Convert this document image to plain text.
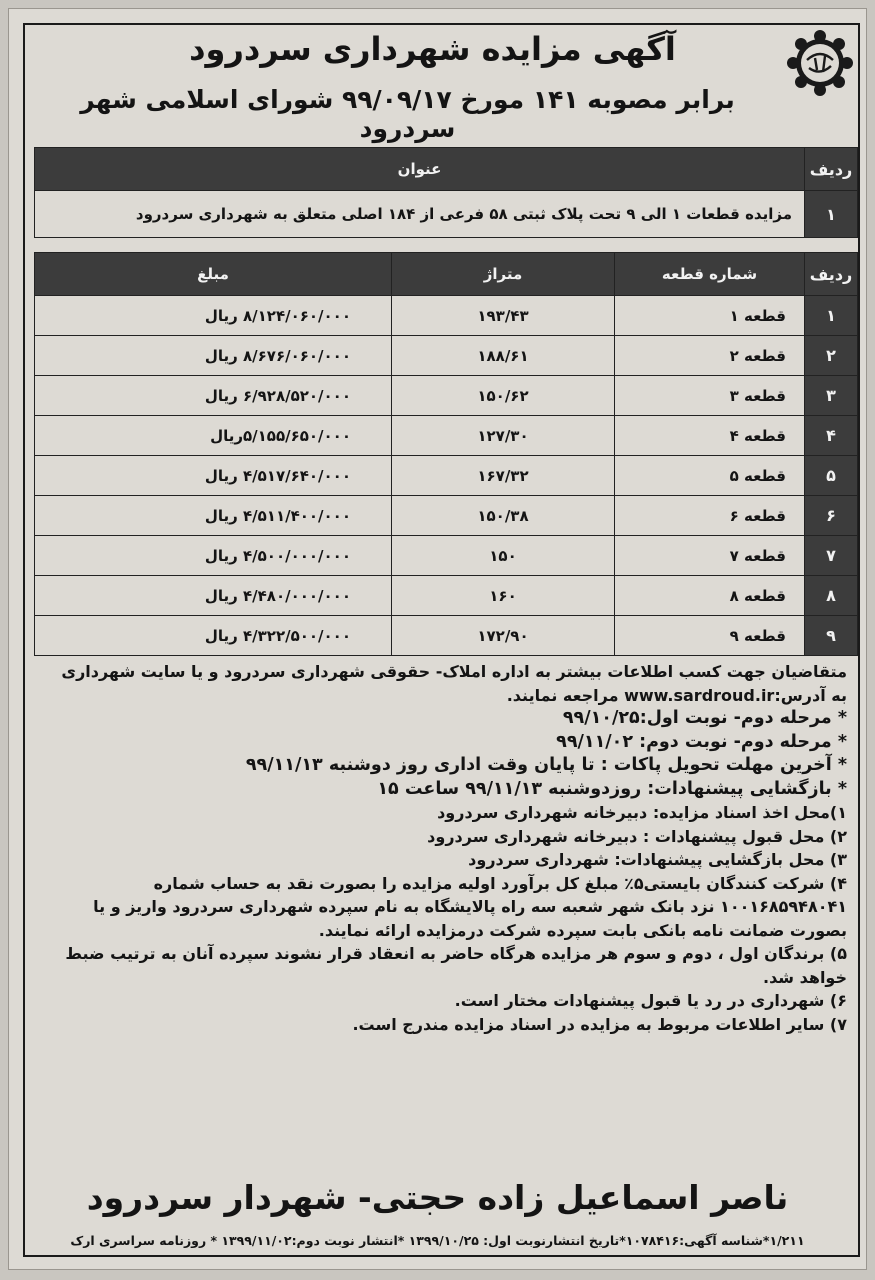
آگهی مزایده شهرداری سردرود
برابر مصوبه ۱۴۱ مورخ ۹۹/۰۹/۱۷ شورای اسلامی شهر سردرود
ردیف	عنوان
۱	مزایده قطعات ۱ الی ۹ تحت پلاک ثبتی ۵۸ فرعی از ۱۸۴ اصلی متعلق به شهرداری سردرود
ردیف	شماره قطعه	متراژ	مبلغ
۱	قطعه ۱	۱۹۳/۴۳	۸/۱۲۴/۰۶۰/۰۰۰ ریال
۲	قطعه ۲	۱۸۸/۶۱	۸/۶۷۶/۰۶۰/۰۰۰ ریال
۳	قطعه ۳	۱۵۰/۶۲	۶/۹۲۸/۵۲۰/۰۰۰ ریال
۴	قطعه ۴	۱۲۷/۳۰	۵/۱۵۵/۶۵۰/۰۰۰ریال
۵	قطعه ۵	۱۶۷/۳۲	۴/۵۱۷/۶۴۰/۰۰۰ ریال
۶	قطعه ۶	۱۵۰/۳۸	۴/۵۱۱/۴۰۰/۰۰۰ ریال
۷	قطعه ۷	۱۵۰	۴/۵۰۰/۰۰۰/۰۰۰ ریال
۸	قطعه ۸	۱۶۰	۴/۴۸۰/۰۰۰/۰۰۰ ریال
۹	قطعه ۹	۱۷۲/۹۰	۴/۳۲۲/۵۰۰/۰۰۰ ریال

متقاضیان جهت کسب اطلاعات بیشتر به اداره املاک- حقوقی شهرداری سردرود و یا سایت شهرداری

به آدرس:www.sardroud.ir مراجعه نمایند.

* مرحله دوم- نوبت اول:۹۹/۱۰/۲۵

* مرحله دوم- نوبت دوم: ۹۹/۱۱/۰۲

* آخرین مهلت تحویل پاکات : تا پایان وقت اداری روز دوشنبه ۹۹/۱۱/۱۳

* بازگشایی پیشنهادات: روزدوشنبه ۹۹/۱۱/۱۳ ساعت ۱۵

۱)محل اخذ اسناد مزایده: دبیرخانه شهرداری سردرود

۲) محل قبول پیشنهادات : دبیرخانه شهرداری سردرود

۳) محل بازگشایی پیشنهادات: شهرداری سردرود

۴) شرکت کنندگان بایستی۵٪ مبلغ کل برآورد اولیه مزایده را بصورت نقد به حساب شماره ۱۰۰۱۶۸۵۹۴۸۰۴۱ نزد بانک شهر شعبه سه راه پالایشگاه به نام سپرده شهرداری سردرود واریز و یا بصورت ضمانت نامه بانکی بابت سپرده شرکت درمزایده ارائه نمایند.

۵) برندگان اول ، دوم و سوم هر مزایده هرگاه حاضر به انعقاد قرار نشوند سپرده آنان به ترتیب ضبط خواهد شد.

۶) شهرداری در رد یا قبول پیشنهادات مختار است.

۷) سایر اطلاعات مربوط به مزایده در اسناد مزایده مندرج است.

ناصر اسماعیل زاده حجتی- شهردار سردرود
۱/۲۱۱*شناسه آگهی:۱۰۷۸۴۱۶*تاریخ انتشارنوبت اول: ۱۳۹۹/۱۰/۲۵ *انتشار نوبت دوم:۱۳۹۹/۱۱/۰۲ * روزنامه سراسری ارک
